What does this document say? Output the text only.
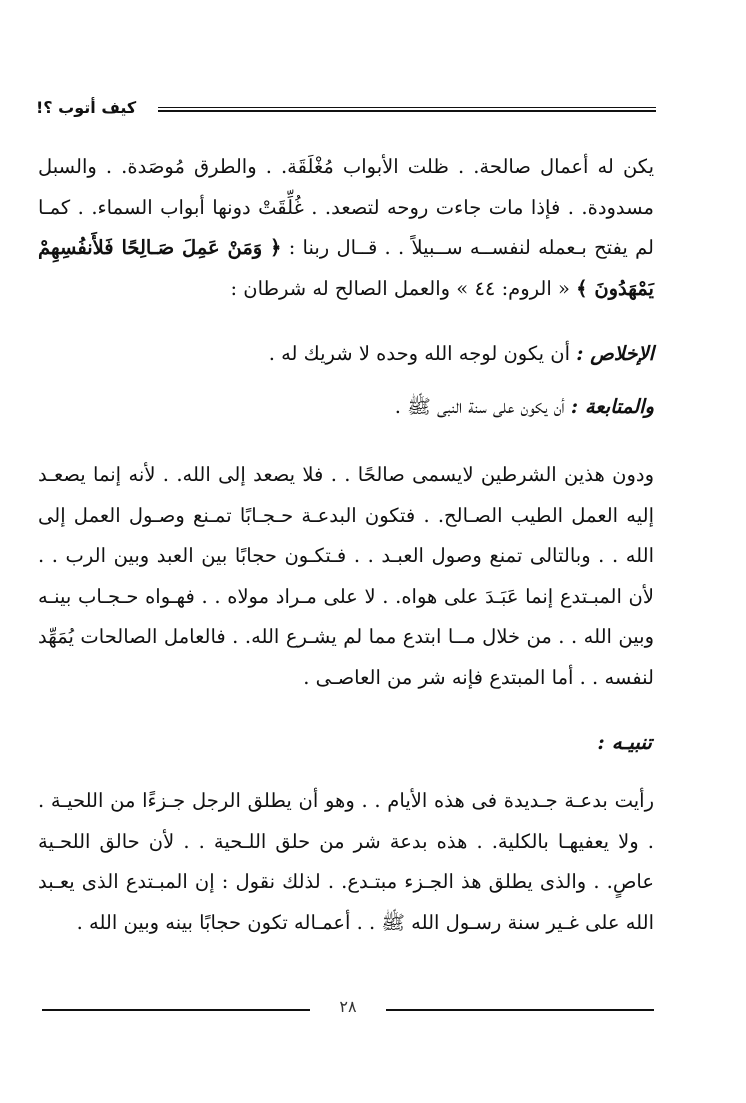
كيف أتوب ؟!
يكن له أعمال صالحة. . ظلت الأبواب مُغْلَقَة. . والطرق مُوصَدة. . والسبل مسدودة. . فإذا مات جاءت روحه لتصعد. . غُلِّقَتْ دونها أبواب السماء. . كمـا لم يفتح بـعمله لنفســه ســبيلاً . . قــال ربنا : ﴿ وَمَنْ عَمِلَ صَـالِحًا فَلأَنفُسِهِمْ يَمْهَدُونَ ﴾ « الروم: ٤٤ » والعمل الصالح له شرطان :
الإخلاص : أن يكون لوجه الله وحده لا شريك له .
والمتابعة : أن يكون على سنة النبى ﷺ .
ودون هذين الشرطين لايسمى صالحًا . . فلا يصعد إلى الله. . لأنه إنما يصعـد إليه العمل الطيب الصـالح. . فتكون البدعـة حـجـابًا تمـنع وصـول العمل إلى الله . . وبالتالى تمنع وصول العبـد . . فـتكـون حجابًا بين العبد وبين الرب . . لأن المبـتدع إنما عَبَـدَ على هواه. . لا على مـراد مولاه . . فهـواه حـجـاب بينـه وبين الله . . من خلال مــا ابتدع مما لم يشـرع الله. . فالعامل الصالحات يُمَهِّد لنفسه . . أما المبتدع فإنه شر من العاصـى .
تنبيـه :
رأيت بدعـة جـديدة فى هذه الأيام . . وهو أن يطلق الرجل جـزءًا من اللحيـة . . ولا يعفيهـا بالكلية. . هذه بدعة شر من حلق اللـحية . . لأن حالق اللحـية عاصٍ. . والذى يطلق هذ الجـزء مبتـدع. . لذلك نقول : إن المبـتدع الذى يعـبد الله على غـير سنة رسـول الله ﷺ . . أعمـاله تكون حجابًا بينه وبين الله .
٢٨
